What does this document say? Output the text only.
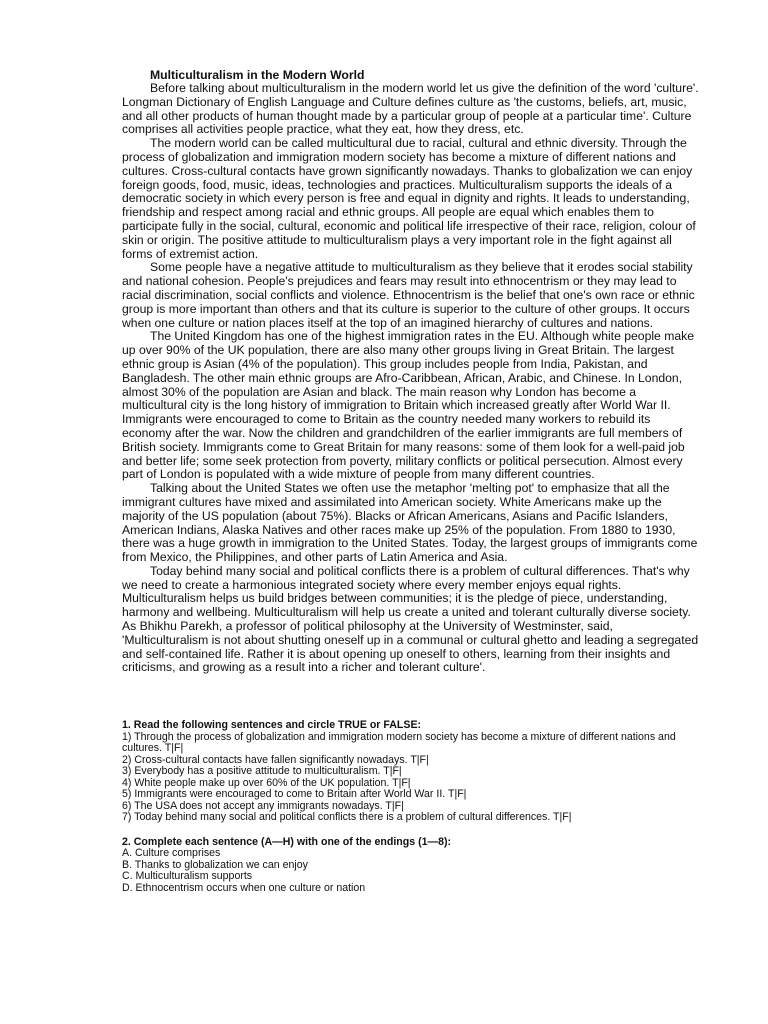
Multiculturalism in the Modern World

Before talking about multiculturalism in the modern world let us give the definition of the word 'culture'. Longman Dictionary of English Language and Culture defines culture as 'the customs, beliefs, art, music, and all other products of human thought made by a particular group of people at a particular time'. Culture comprises all activities people practice, what they eat, how they dress, etc.

The modern world can be called multicultural due to racial, cultural and ethnic diversity. Through the process of globalization and immigration modern society has become a mixture of different nations and cultures. Cross-cultural contacts have grown significantly nowadays. Thanks to globalization we can enjoy foreign goods, food, music, ideas, technologies and practices. Multiculturalism supports the ideals of a democratic society in which every person is free and equal in dignity and rights. It leads to understanding, friendship and respect among racial and ethnic groups. All people are equal which enables them to participate fully in the social, cultural, economic and political life irrespective of their race, religion, colour of skin or origin. The positive attitude to multiculturalism plays a very important role in the fight against all forms of extremist action.

Some people have a negative attitude to multiculturalism as they believe that it erodes social stability and national cohesion. People's prejudices and fears may result into ethnocentrism or they may lead to racial discrimination, social conflicts and violence. Ethnocentrism is the belief that one's own race or ethnic group is more important than others and that its culture is superior to the culture of other groups. It occurs when one culture or nation places itself at the top of an imagined hierarchy of cultures and nations.

The United Kingdom has one of the highest immigration rates in the EU. Although white people make up over 90% of the UK population, there are also many other groups living in Great Britain. The largest ethnic group is Asian (4% of the population). This group includes people from India, Pakistan, and Bangladesh. The other main ethnic groups are Afro-Caribbean, African, Arabic, and Chinese. In London, almost 30% of the population are Asian and black. The main reason why London has become a multicultural city is the long history of immigration to Britain which increased greatly after World War II. Immigrants were encouraged to come to Britain as the country needed many workers to rebuild its economy after the war. Now the children and grandchildren of the earlier immigrants are full members of British society. Immigrants come to Great Britain for many reasons: some of them look for a well-paid job and better life; some seek protection from poverty, military conflicts or political persecution. Almost every part of London is populated with a wide mixture of people from many different countries.

Talking about the United States we often use the metaphor 'melting pot' to emphasize that all the immigrant cultures have mixed and assimilated into American society. White Americans make up the majority of the US population (about 75%). Blacks or African Americans, Asians and Pacific Islanders, American Indians, Alaska Natives and other races make up 25% of the population. From 1880 to 1930, there was a huge growth in immigration to the United States. Today, the largest groups of immigrants come from Mexico, the Philippines, and other parts of Latin America and Asia.

Today behind many social and political conflicts there is a problem of cultural differences. That's why we need to create a harmonious integrated society where every member enjoys equal rights. Multiculturalism helps us build bridges between communities; it is the pledge of piece, understanding, harmony and wellbeing. Multiculturalism will help us create a united and tolerant culturally diverse society. As Bhikhu Parekh, a professor of political philosophy at the University of Westminster, said, 'Multiculturalism is not about shutting oneself up in a communal or cultural ghetto and leading a segregated and self-contained life. Rather it is about opening up oneself to others, learning from their insights and criticisms, and growing as a result into a richer and tolerant culture'.

1. Read the following sentences and circle TRUE or FALSE:

1) Through the process of globalization and immigration modern society has become a mixture of different nations and cultures. T|F|

2) Cross-cultural contacts have fallen significantly nowadays. T|F|

3) Everybody has a positive attitude to multiculturalism. T|F|

4) White people make up over 60% of the UK population. T|F|

5) Immigrants were encouraged to come to Britain after World War II. T|F|

6) The USA does not accept any immigrants nowadays. T|F|

7) Today behind many social and political conflicts there is a problem of cultural differences. T|F|

2. Complete each sentence (A—H) with one of the endings (1—8):

A. Culture comprises

B. Thanks to globalization we can enjoy

C. Multiculturalism supports

D. Ethnocentrism occurs when one culture or nation
